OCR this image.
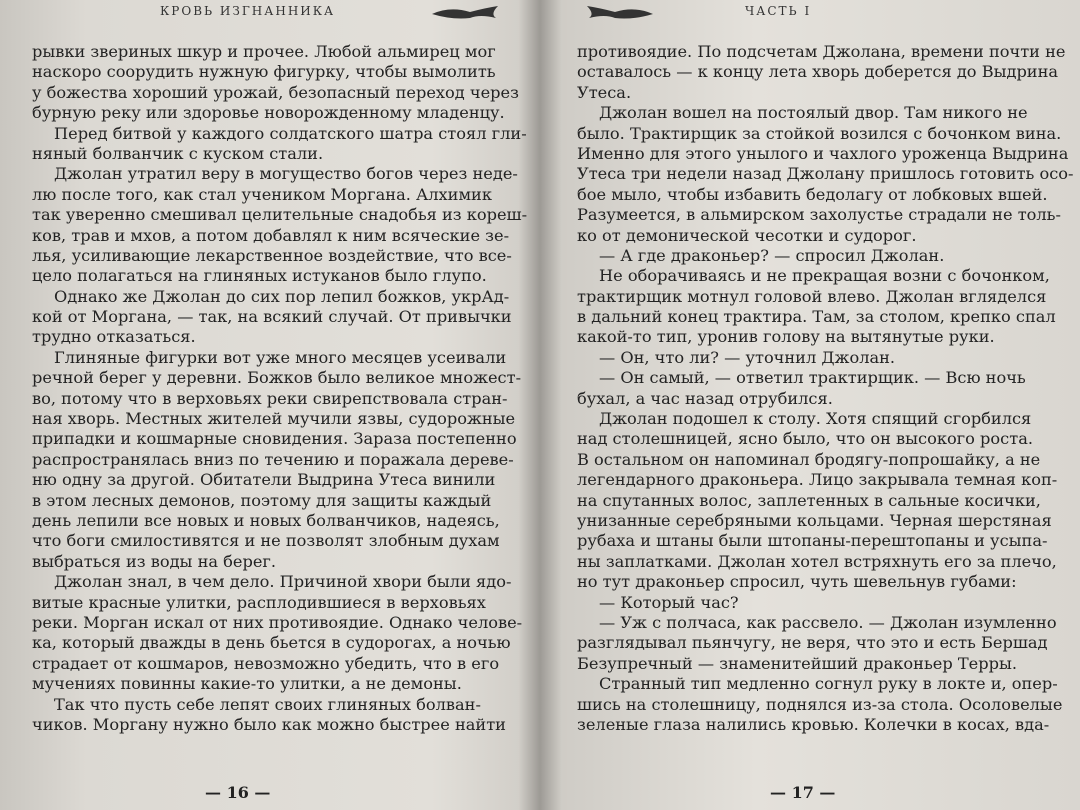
КРОВЬ ИЗГНАННИКА
рывки звериных шкур и прочее. Любой альмирец мог
наскоро соорудить нужную фигурку, чтобы вымолить
у божества хороший урожай, безопасный переход через
бурную реку или здоровье новорожденному младенцу.
Перед битвой у каждого солдатского шатра стоял гли-
няный болванчик с куском стали.
Джолан утратил веру в могущество богов через неде-
лю после того, как стал учеником Моргана. Алхимик
так уверенно смешивал целительные снадобья из кореш-
ков, трав и мхов, а потом добавлял к ним всяческие зе-
лья, усиливающие лекарственное воздействие, что все-
цело полагаться на глиняных истуканов было глупо.
Однако же Джолан до сих пор лепил божков, укрАд-
кой от Моргана, — так, на всякий случай. От привычки
трудно отказаться.
Глиняные фигурки вот уже много месяцев усеивали
речной берег у деревни. Божков было великое множест-
во, потому что в верховьях реки свирепствовала стран-
ная хворь. Местных жителей мучили язвы, судорожные
припадки и кошмарные сновидения. Зараза постепенно
распространялась вниз по течению и поражала дереве-
ню одну за другой. Обитатели Выдрина Утеса винили
в этом лесных демонов, поэтому для защиты каждый
день лепили все новых и новых болванчиков, надеясь,
что боги смилостивятся и не позволят злобным духам
выбраться из воды на берег.
Джолан знал, в чем дело. Причиной хвори были ядо-
витые красные улитки, расплодившиеся в верховьях
реки. Морган искал от них противоядие. Однако челове-
ка, который дважды в день бьется в судорогах, а ночью
страдает от кошмаров, невозможно убедить, что в его
мучениях повинны какие-то улитки, а не демоны.
Так что пусть себе лепят своих глиняных болван-
чиков. Моргану нужно было как можно быстрее найти
— 16 —
ЧАСТЬ I
противоядие. По подсчетам Джолана, времени почти не
оставалось — к концу лета хворь доберется до Выдрина
Утеса.
Джолан вошел на постоялый двор. Там никого не
было. Трактирщик за стойкой возился с бочонком вина.
Именно для этого унылого и чахлого уроженца Выдрина
Утеса три недели назад Джолану пришлось готовить осо-
бое мыло, чтобы избавить бедолагу от лобковых вшей.
Разумеется, в альмирском захолустье страдали не толь-
ко от демонической чесотки и судорог.
— А где драконьер? — спросил Джолан.
Не оборачиваясь и не прекращая возни с бочонком,
трактирщик мотнул головой влево. Джолан вгляделся
в дальний конец трактира. Там, за столом, крепко спал
какой-то тип, уронив голову на вытянутые руки.
— Он, что ли? — уточнил Джолан.
— Он самый, — ответил трактирщик. — Всю ночь
бухал, а час назад отрубился.
Джолан подошел к столу. Хотя спящий сгорбился
над столешницей, ясно было, что он высокого роста.
В остальном он напоминал бродягу-попрошайку, а не
легендарного драконьера. Лицо закрывала темная коп-
на спутанных волос, заплетенных в сальные косички,
унизанные серебряными кольцами. Черная шерстяная
рубаха и штаны были штопаны-перештопаны и усыпа-
ны заплатками. Джолан хотел встряхнуть его за плечо,
но тут драконьер спросил, чуть шевельнув губами:
— Который час?
— Уж с полчаса, как рассвело. — Джолан изумленно
разглядывал пьянчугу, не веря, что это и есть Бершад
Безупречный — знаменитейший драконьер Терры.
Странный тип медленно согнул руку в локте и, опер-
шись на столешницу, поднялся из-за стола. Осоловелые
зеленые глаза налились кровью. Колечки в косах, вда-
— 17 —
